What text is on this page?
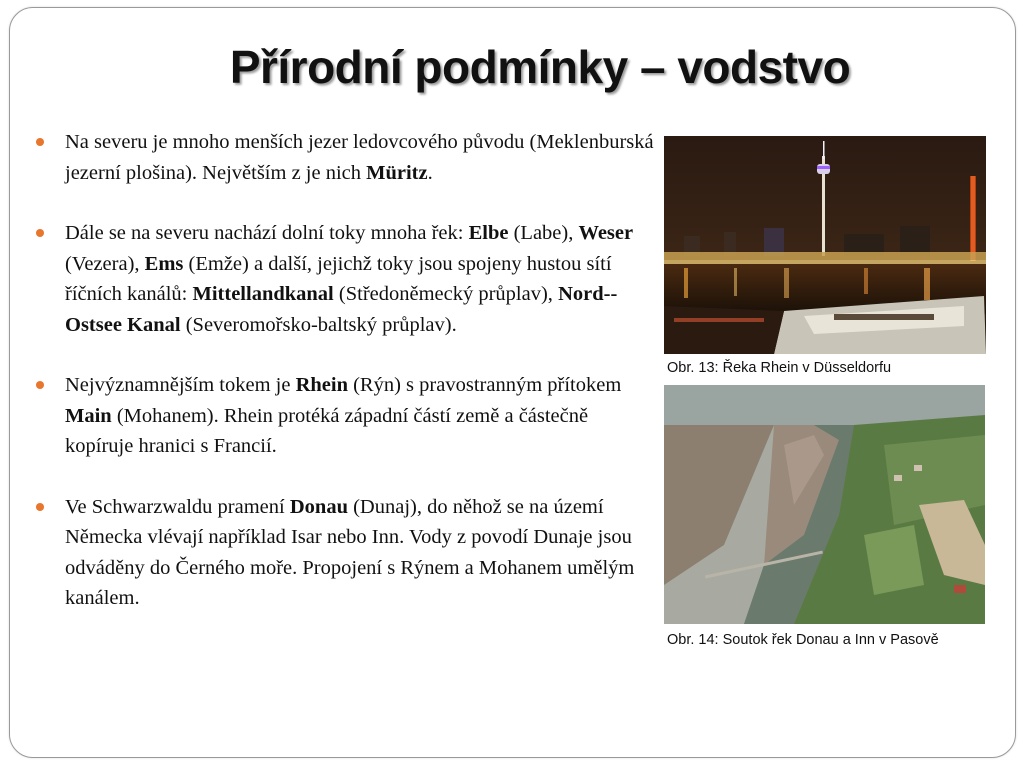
Přírodní podmínky – vodstvo
Na severu je mnoho menších jezer ledovcového původu (Meklenburská jezerní plošina). Největším z je nich Müritz.
Dále se na severu nachází dolní toky mnoha řek: Elbe (Labe), Weser (Vezera), Ems (Emže) a další, jejichž toky jsou spojeny hustou sítí říčních kanálů: Mittellandkanal (Středoněmecký průplav), Nord-Ostsee Kanal (Severomořsko-baltský průplav).
Nejvýznamnějším tokem je Rhein (Rýn) s pravostranným přítokem Main (Mohanem). Rhein protéká západní částí země a částečně kopíruje hranici s Francií.
Ve Schwarzwaldu pramení Donau (Dunaj), do něhož se na území Německa vlévají například Isar nebo Inn. Vody z povodí Dunaje jsou odváděny do Černého moře. Propojení s Rýnem a Mohanem umělým kanálem.
Obr. 13: Řeka Rhein v Düsseldorfu
Obr. 14: Soutok řek Donau a Inn v Pasově
